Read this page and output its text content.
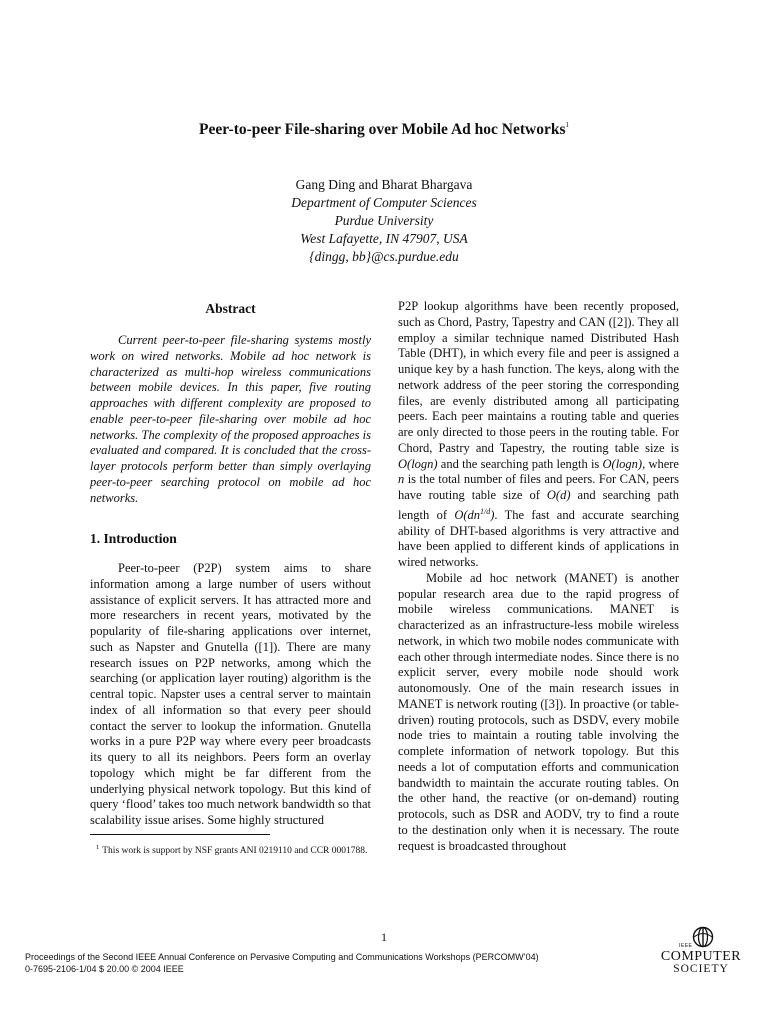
Peer-to-peer File-sharing over Mobile Ad hoc Networks$^1$
Gang Ding and Bharat Bhargava
Department of Computer Sciences
Purdue University
West Lafayette, IN 47907, USA
{dingg, bb}@cs.purdue.edu
Abstract

Current peer-to-peer file-sharing systems mostly work on wired networks. Mobile ad hoc network is characterized as multi-hop wireless communications between mobile devices. In this paper, five routing approaches with different complexity are proposed to enable peer-to-peer file-sharing over mobile ad hoc networks. The complexity of the proposed approaches is evaluated and compared. It is concluded that the cross-layer protocols perform better than simply overlaying peer-to-peer searching protocol on mobile ad hoc networks.

1. Introduction

Peer-to-peer (P2P) system aims to share information among a large number of users without assistance of explicit servers. It has attracted more and more researchers in recent years, motivated by the popularity of file-sharing applications over internet, such as Napster and Gnutella ([1]). There are many research issues on P2P networks, among which the searching (or application layer routing) algorithm is the central topic. Napster uses a central server to maintain index of all information so that every peer should contact the server to lookup the information. Gnutella works in a pure P2P way where every peer broadcasts its query to all its neighbors. Peers form an overlay topology which might be far different from the underlying physical network topology. But this kind of query ‘flood’ takes too much network bandwidth so that scalability issue arises. Some highly structured

P2P lookup algorithms have been recently proposed, such as Chord, Pastry, Tapestry and CAN ([2]). They all employ a similar technique named Distributed Hash Table (DHT), in which every file and peer is assigned a unique key by a hash function. The keys, along with the network address of the peer storing the corresponding files, are evenly distributed among all participating peers. Each peer maintains a routing table and queries are only directed to those peers in the routing table. For Chord, Pastry and Tapestry, the routing table size is O(logn) and the searching path length is O(logn), where n is the total number of files and peers. For CAN, peers have routing table size of O(d) and searching path length of $O(dn^{1/d})$. The fast and accurate searching ability of DHT-based algorithms is very attractive and have been applied to different kinds of applications in wired networks.

Mobile ad hoc network (MANET) is another popular research area due to the rapid progress of mobile wireless communications. MANET is characterized as an infrastructure-less mobile wireless network, in which two mobile nodes communicate with each other through intermediate nodes. Since there is no explicit server, every mobile node should work autonomously. One of the main research issues in MANET is network routing ([3]). In proactive (or table-driven) routing protocols, such as DSDV, every mobile node tries to maintain a routing table involving the complete information of network topology. But this needs a lot of computation efforts and communication bandwidth to maintain the accurate routing tables. On the other hand, the reactive (or on-demand) routing protocols, such as DSR and AODV, try to find a route to the destination only when it is necessary. The route request is broadcasted throughout

$^1$ This work is support by NSF grants ANI 0219110 and CCR 0001788.
1
Proceedings of the Second IEEE Annual Conference on Pervasive Computing and Communications Workshops (PERCOMW’04)
0-7695-2106-1/04 $ 20.00 © 2004 IEEE
IEEE
COMPUTER
SOCIETY
